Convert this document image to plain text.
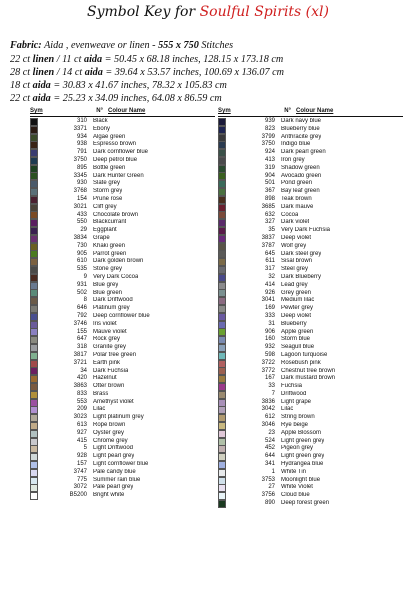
Symbol Key for Soulful Spirits (xl)
Fabric: Aida , evenweave or linen - 555 x 750 Stitches
22 ct linen / 11 ct aida = 50.45 x 68.18 inches, 128.15 x 173.18 cm
28 ct linen / 14 ct aida = 39.64 x 53.57 inches, 100.69 x 136.07 cm
18 ct aida = 30.83 x 41.67 inches, 78.32 x 105.83 cm
22 ct aida = 25.23 x 34.09 inches, 64.08 x 86.59 cm
Sym	N° Colour Name
310	Black
3371	Ebony
934	Algae green
938	Espresso brown
791	Dark cornflower blue
3750	Deep petrol blue
895	Bottle green
3345	Dark Hunter Green
930	Slate grey
3768	Storm grey
154	Prune rose
3021	Cliff grey
433	Chocolate brown
550	Blackcurrant
29	Eggplant
3834	Grape
730	Khaki green
905	Parrot green
610	Dark golden brown
535	Stone grey
9	Very Dark Cocoa
931	Blue grey
502	Blue green
8	Dark Driftwood
646	Platinum grey
792	Deep cornflower blue
3746	Iris violet
155	Mauve violet
647	Rock grey
318	Granite grey
3817	Polar tree green
3721	Earth pink
34	Dark Fuchsia
420	Hazelnut
3863	Otter brown
833	Brass
553	Amethyst violet
209	Lilac
3023	Light platinum grey
613	Rope brown
927	Oyster grey
415	Chrome grey
5	Light Driftwood
928	Light pearl grey
157	Light cornflower blue
3747	Pale candy blue
775	Summer rain blue
3072	Pale pearl grey
B5200	Bright white
Sym	N° Colour Name
939	Dark navy blue
823	Blueberry blue
3799	Anthracite grey
3750	Indigo blue
924	Dark pearl green
413	Iron grey
319	Shadow green
904	Avocado green
501	Pond green
367	Bay leaf green
898	Teak brown
3685	Dark mauve
632	Cocoa
327	Dark violet
35	Very Dark Fuchsia
3837	Deep violet
3787	Wolf grey
645	Dark steel grey
611	Sisal brown
317	Steel grey
32	Dark Blueberry
414	Lead grey
926	Grey green
3041	Medium lilac
169	Pewter grey
333	Deep violet
31	Blueberry
906	Apple green
160	Storm blue
932	Seagull blue
598	Lagoon turquoise
3722	Rosebush pink
3772	Chestnut tree brown
167	Dark mustard brown
33	Fuchsia
7	Driftwood
3836	Light grape
3042	Lilac
612	String brown
3046	Rye beige
23	Apple Blossom
524	Light green grey
452	Pigeon grey
644	Light green grey
341	Hydrangea blue
1	White Tin
3753	Moonlight blue
27	White Violet
3756	Cloud blue
890	Deep forest green
